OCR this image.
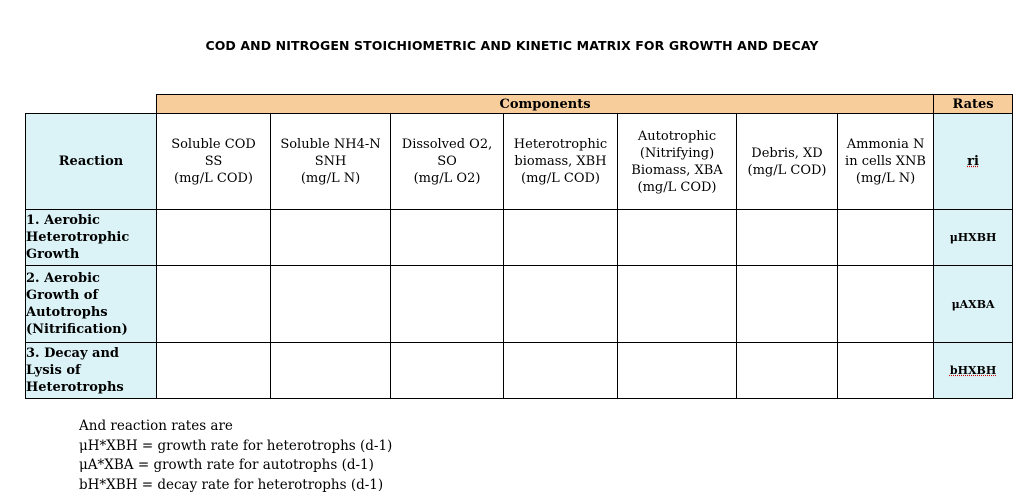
COD AND NITROGEN STOICHIOMETRIC AND KINETIC MATRIX FOR GROWTH AND DECAY
	Components							Rates
Reaction	Soluble COD
SS
(mg/L COD)	Soluble NH4-N
SNH
(mg/L N)	Dissolved O2,
SO
(mg/L O2)	Heterotrophic
biomass, XBH
(mg/L COD)	Autotrophic
(Nitrifying)
Biomass, XBA
(mg/L COD)	Debris, XD
(mg/L COD)	Ammonia N
in cells XNB
(mg/L N)	ri
1. Aerobic
Heterotrophic
Growth								μHXBH
2. Aerobic
Growth of
Autotrophs
(Nitrification)								μAXBA
3. Decay and
Lysis of
Heterotrophs								bHXBH
And reaction rates are
μH*XBH = growth rate for heterotrophs (d-1)
μA*XBA = growth rate for autotrophs (d-1)
bH*XBH = decay rate for heterotrophs (d-1)
